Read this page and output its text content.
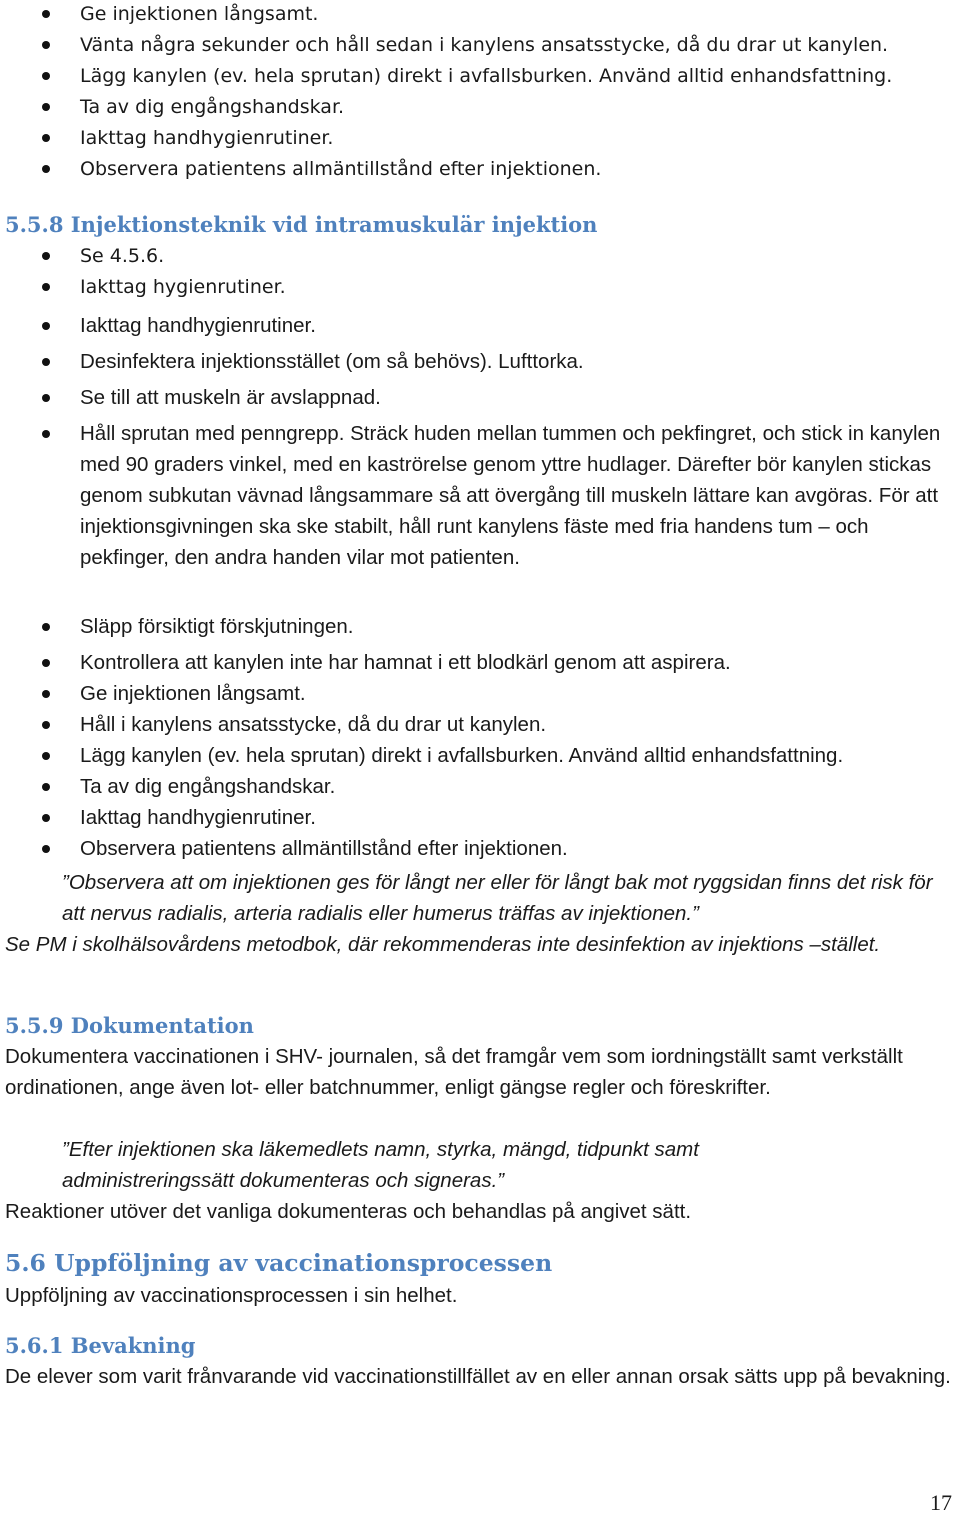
Ge injektionen långsamt.
Vänta några sekunder och håll sedan i kanylens ansatsstycke, då du drar ut kanylen.
Lägg kanylen (ev. hela sprutan) direkt i avfallsburken. Använd alltid enhandsfattning.
Ta av dig engångshandskar.
Iakttag handhygienrutiner.
Observera patientens allmäntillstånd efter injektionen.
5.5.8 Injektionsteknik vid intramuskulär injektion
Se 4.5.6.
Iakttag hygienrutiner.
Iakttag handhygienrutiner.
Desinfektera injektionsstället (om så behövs). Lufttorka.
Se till att muskeln är avslappnad.
Håll sprutan med penngrepp. Sträck huden mellan tummen och pekfingret, och stick in kanylen med 90 graders vinkel, med en kaströrelse genom yttre hudlager. Därefter bör kanylen stickas genom subkutan vävnad långsammare så att övergång till muskeln lättare kan avgöras. För att injektionsgivningen ska ske stabilt, håll runt kanylens fäste med fria handens tum – och pekfinger, den andra handen vilar mot patienten.
Släpp försiktigt förskjutningen.
Kontrollera att kanylen inte har hamnat i ett blodkärl genom att aspirera.
Ge injektionen långsamt.
Håll i kanylens ansatsstycke, då du drar ut kanylen.
Lägg kanylen (ev. hela sprutan) direkt i avfallsburken. Använd alltid enhandsfattning.
Ta av dig engångshandskar.
Iakttag handhygienrutiner.
Observera patientens allmäntillstånd efter injektionen.

”Observera att om injektionen ges för långt ner eller för långt bak mot ryggsidan finns det risk för att nervus radialis, arteria radialis eller humerus träffas av injektionen.”

Se PM i skolhälsovårdens metodbok, där rekommenderas inte desinfektion av injektions –stället.

5.5.9 Dokumentation

Dokumentera vaccinationen i SHV- journalen, så det framgår vem som iordningställt samt verkställt ordinationen, ange även lot- eller batchnummer, enligt gängse regler och föreskrifter.

”Efter injektionen ska läkemedlets namn, styrka, mängd, tidpunkt samt administreringssätt dokumenteras och signeras.”

Reaktioner utöver det vanliga dokumenteras och behandlas på angivet sätt.

5.6 Uppföljning av vaccinationsprocessen

Uppföljning av vaccinationsprocessen i sin helhet.

5.6.1 Bevakning

De elever som varit frånvarande vid vaccinationstillfället av en eller annan orsak sätts upp på bevakning.

17
